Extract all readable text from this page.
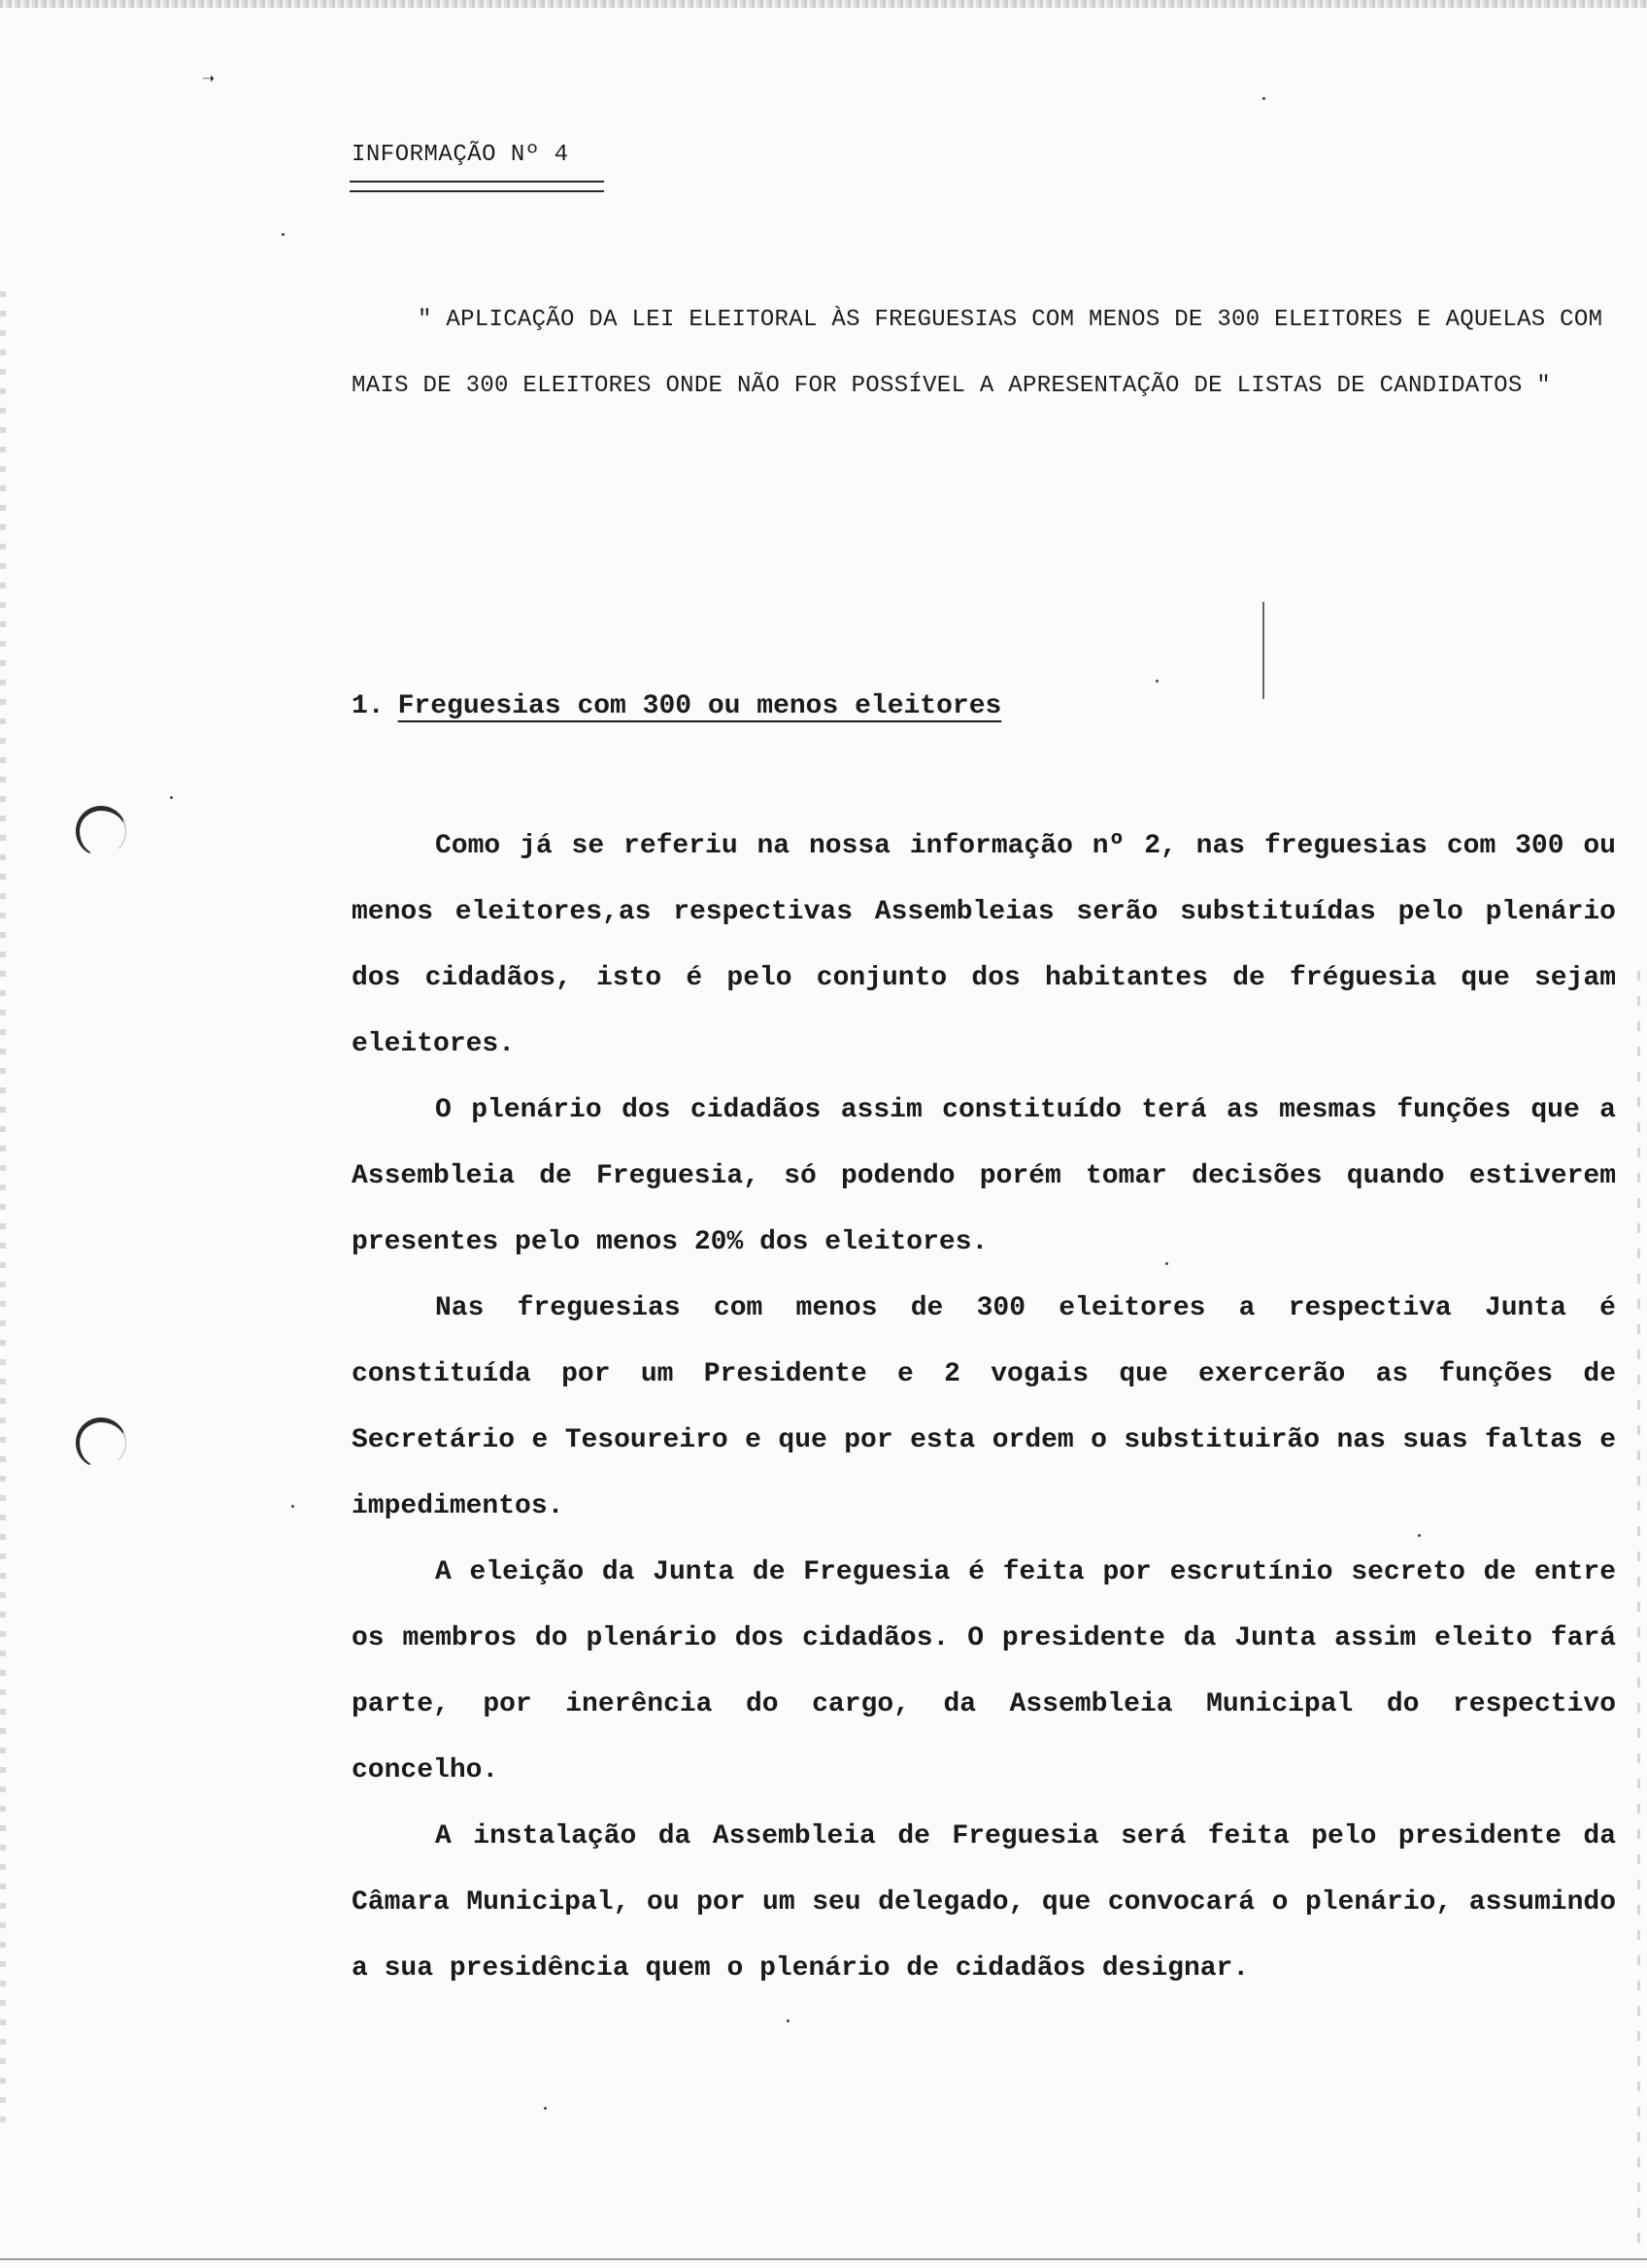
➝
INFORMAÇÃO Nº 4
" APLICAÇÃO DA LEI ELEITORAL ÀS FREGUESIAS COM MENOS DE 300 ELEITORES E AQUELAS COM MAIS DE 300 ELEITORES ONDE NÃO FOR POSSÍVEL A APRESENTAÇÃO DE LISTAS DE CANDIDATOS "
1. Freguesias com 300 ou menos eleitores

Como já se referiu na nossa informação nº 2, nas freguesias com 300 ou menos eleitores,as respectivas Assembleias serão substituídas pelo plenário dos cidadãos, isto é pelo conjunto dos habitantes de fréguesia que sejam eleitores.

O plenário dos cidadãos assim constituído terá as mesmas funções que a Assembleia de Freguesia, só podendo porém tomar decisões quando estiverem presentes pelo menos 20% dos eleitores.

Nas freguesias com menos de 300 eleitores a respectiva Junta é constituída por um Presidente e 2 vogais que exercerão as funções de Secretário e Tesoureiro e que por esta ordem o substituirão nas suas faltas e impedimentos.

A eleição da Junta de Freguesia é feita por escrutínio secreto de entre os membros do plenário dos cidadãos. O presidente da Junta assim eleito fará parte, por inerência do cargo, da Assembleia Municipal do respectivo concelho.

A instalação da Assembleia de Freguesia será feita pelo presidente da Câmara Municipal, ou por um seu delegado, que convocará o plenário, assumindo a sua presidência quem o plenário de cidadãos designar.
